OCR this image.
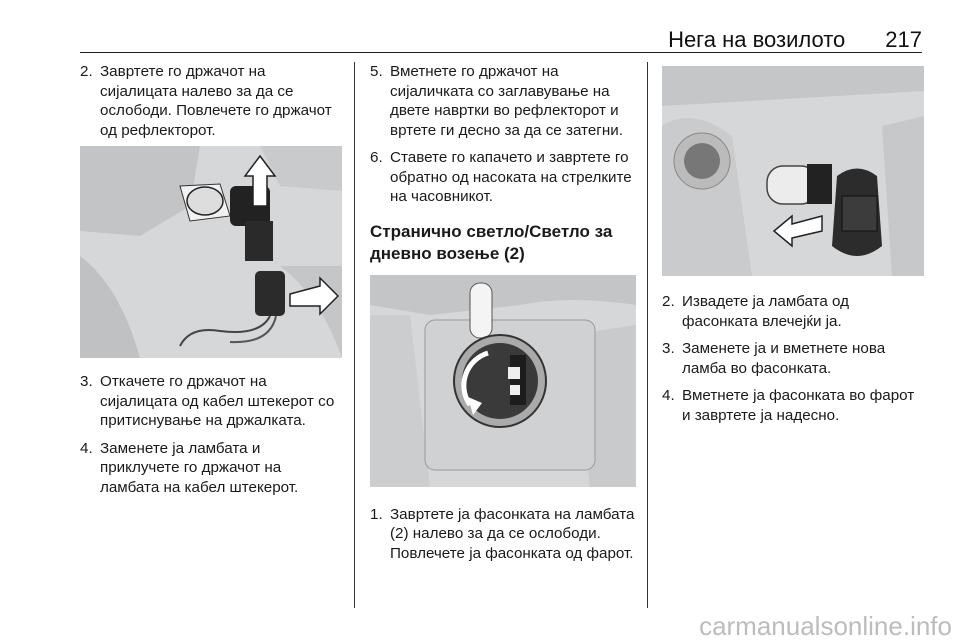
Нега на возилото 217
2. Завртете го држачот на сијалицата налево за да се ослободи. Повлечете го држачот од рефлекторот.
3. Откачете го држачот на сијалицата од кабел штекерот со притиснување на држалката.
4. Заменете ја ламбата и приклучете го држачот на ламбата на кабел штекерот.
5. Вметнете го држачот на сијаличката со заглавување на двете навртки во рефлекторот и вртете ги десно за да се затегни.
6. Ставете го капачето и завртете го обратно од насоката на стрелките на часовникот.
Странично светло/Светло за дневно возење (2)
1. Завртете ја фасонката на ламбата (2) налево за да се ослободи. Повлечете ја фасонката од фарот.
2. Извадете ја ламбата од фасонката влечејќи ја.
3. Заменете ја и вметнете нова ламба во фасонката.
4. Вметнете ја фасонката во фарот и завртете ја надесно.
carmanualsonline.info
